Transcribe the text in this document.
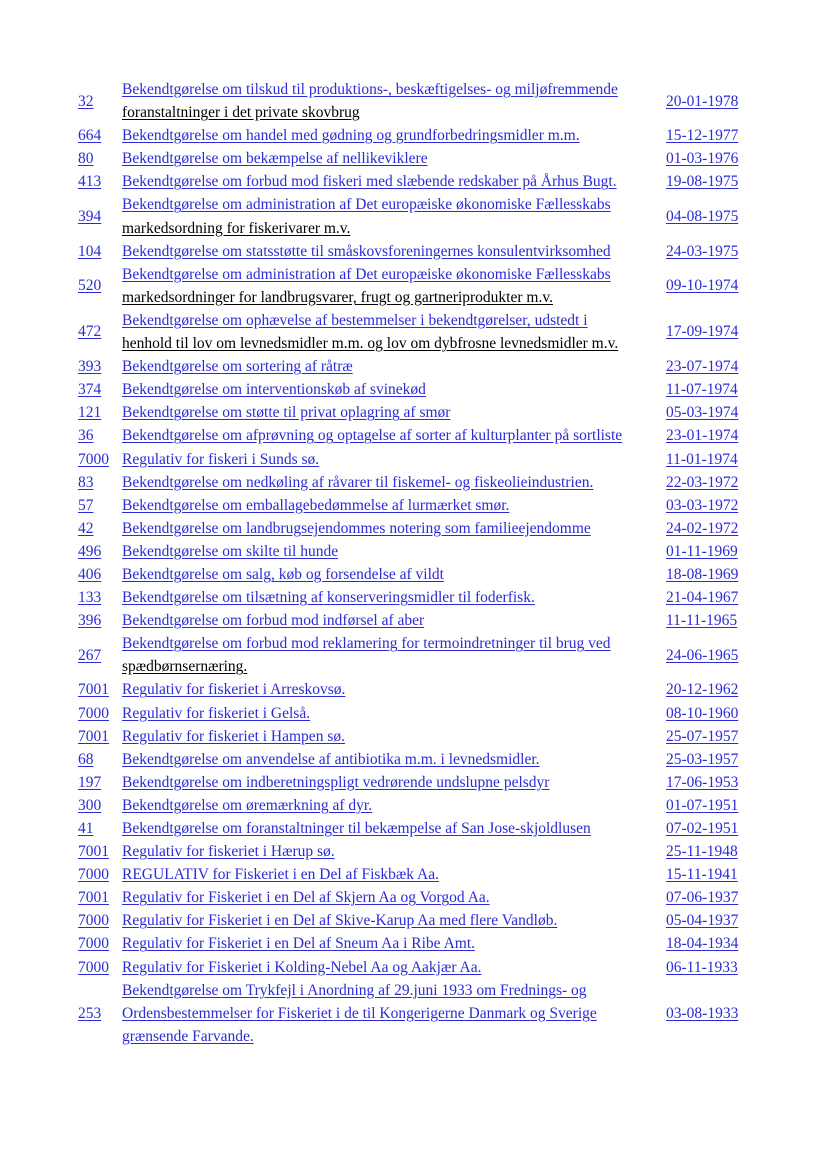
32	Bekendtgørelse om tilskud til produktions-, beskæftigelses- og miljøfremmende
foranstaltninger i det private skovbrug	20-01-1978
664	Bekendtgørelse om handel med gødning og grundforbedringsmidler m.m.	15-12-1977
80	Bekendtgørelse om bekæmpelse af nellikeviklere	01-03-1976
413	Bekendtgørelse om forbud mod fiskeri med slæbende redskaber på Århus Bugt.	19-08-1975
394	Bekendtgørelse om administration af Det europæiske økonomiske Fællesskabs
markedsordning for fiskerivarer m.v.	04-08-1975
104	Bekendtgørelse om statsstøtte til småskovsforeningernes konsulentvirksomhed	24-03-1975
520	Bekendtgørelse om administration af Det europæiske økonomiske Fællesskabs
markedsordninger for landbrugsvarer, frugt og gartneriprodukter m.v.	09-10-1974
472	Bekendtgørelse om ophævelse af bestemmelser i bekendtgørelser, udstedt i
henhold til lov om levnedsmidler m.m. og lov om dybfrosne levnedsmidler m.v.	17-09-1974
393	Bekendtgørelse om sortering af råtræ	23-07-1974
374	Bekendtgørelse om interventionskøb af svinekød	11-07-1974
121	Bekendtgørelse om støtte til privat oplagring af smør	05-03-1974
36	Bekendtgørelse om afprøvning og optagelse af sorter af kulturplanter på sortliste	23-01-1974
7000	Regulativ for fiskeri i Sunds sø.	11-01-1974
83	Bekendtgørelse om nedkøling af råvarer til fiskemel- og fiskeolieindustrien.	22-03-1972
57	Bekendtgørelse om emballagebedømmelse af lurmærket smør.	03-03-1972
42	Bekendtgørelse om landbrugsejendommes notering som familieejendomme	24-02-1972
496	Bekendtgørelse om skilte til hunde	01-11-1969
406	Bekendtgørelse om salg, køb og forsendelse af vildt	18-08-1969
133	Bekendtgørelse om tilsætning af konserveringsmidler til foderfisk.	21-04-1967
396	Bekendtgørelse om forbud mod indførsel af aber	11-11-1965
267	Bekendtgørelse om forbud mod reklamering for termoindretninger til brug ved
spædbørnsernæring.	24-06-1965
7001	Regulativ for fiskeriet i Arreskovsø.	20-12-1962
7000	Regulativ for fiskeriet i Gelså.	08-10-1960
7001	Regulativ for fiskeriet i Hampen sø.	25-07-1957
68	Bekendtgørelse om anvendelse af antibiotika m.m. i levnedsmidler.	25-03-1957
197	Bekendtgørelse om indberetningspligt vedrørende undslupne pelsdyr	17-06-1953
300	Bekendtgørelse om øremærkning af dyr.	01-07-1951
41	Bekendtgørelse om foranstaltninger til bekæmpelse af San Jose-skjoldlusen	07-02-1951
7001	Regulativ for fiskeriet i Hærup sø.	25-11-1948
7000	REGULATIV for Fiskeriet i en Del af Fiskbæk Aa.	15-11-1941
7001	Regulativ for Fiskeriet i en Del af Skjern Aa og Vorgod Aa.	07-06-1937
7000	Regulativ for Fiskeriet i en Del af Skive-Karup Aa med flere Vandløb.	05-04-1937
7000	Regulativ for Fiskeriet i en Del af Sneum Aa i Ribe Amt.	18-04-1934
7000	Regulativ for Fiskeriet i Kolding-Nebel Aa og Aakjær Aa.	06-11-1933
253	Bekendtgørelse om Trykfejl i Anordning af 29.juni 1933 om Frednings- og
Ordensbestemmelser for Fiskeriet i de til Kongerigerne Danmark og Sverige
grænsende Farvande.	03-08-1933
